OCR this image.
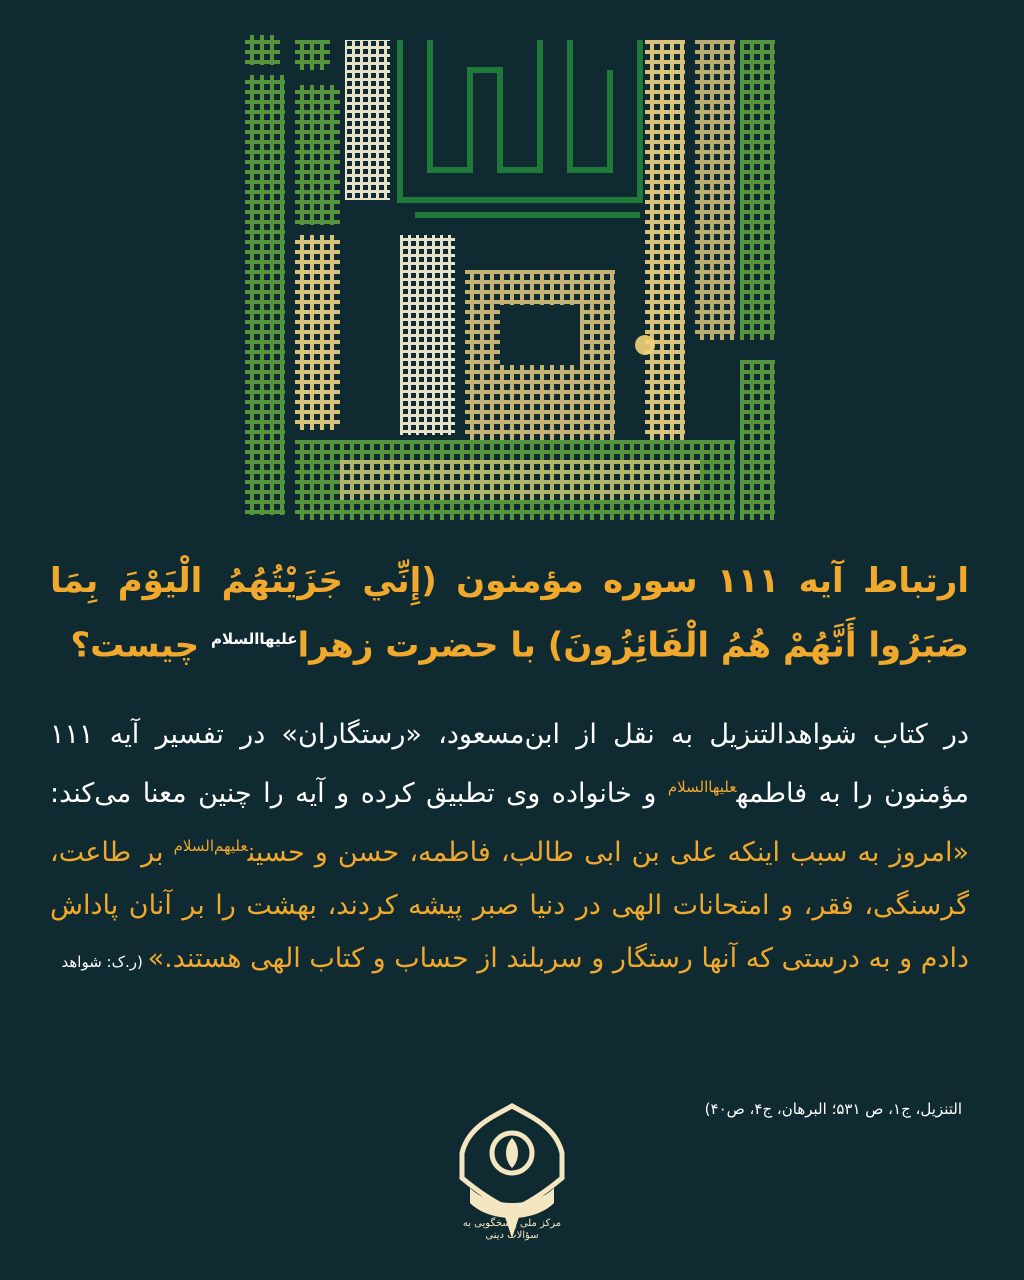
ارتباط آیه ۱۱۱ سوره مؤمنون (إِنِّي جَزَيْتُهُمُ الْيَوْمَ بِمَا صَبَرُوا أَنَّهُمْ هُمُ الْفَائِزُونَ) با حضرت زهرا$^{علیهاالسلام}$ چیست؟
در کتاب شواهدالتنزیل به نقل از ابن‌مسعود، «رستگاران» در تفسیر آیه ۱۱۱ مؤمنون را به فاطمه$^{علیهاالسلام}$ و خانواده وی تطبیق کرده و آیه را چنین معنا می‌کند: «امروز به سبب اینکه علی بن ابی طالب، فاطمه، حسن و حسین$^{علیهم‌السلام}$ بر طاعت، گرسنگی، فقر، و امتحانات الهی در دنیا صبر پیشه کردند، بهشت را بر آنان پاداش دادم و به درستی که آنها رستگار و سربلند از حساب و کتاب الهی هستند.» (ر.ک: شواهد
التنزیل، ج۱، ص ۵۳۱؛ البرهان، ج۴، ص۴۰)
مرکز ملی پاسخگویی به سؤالات دینی
